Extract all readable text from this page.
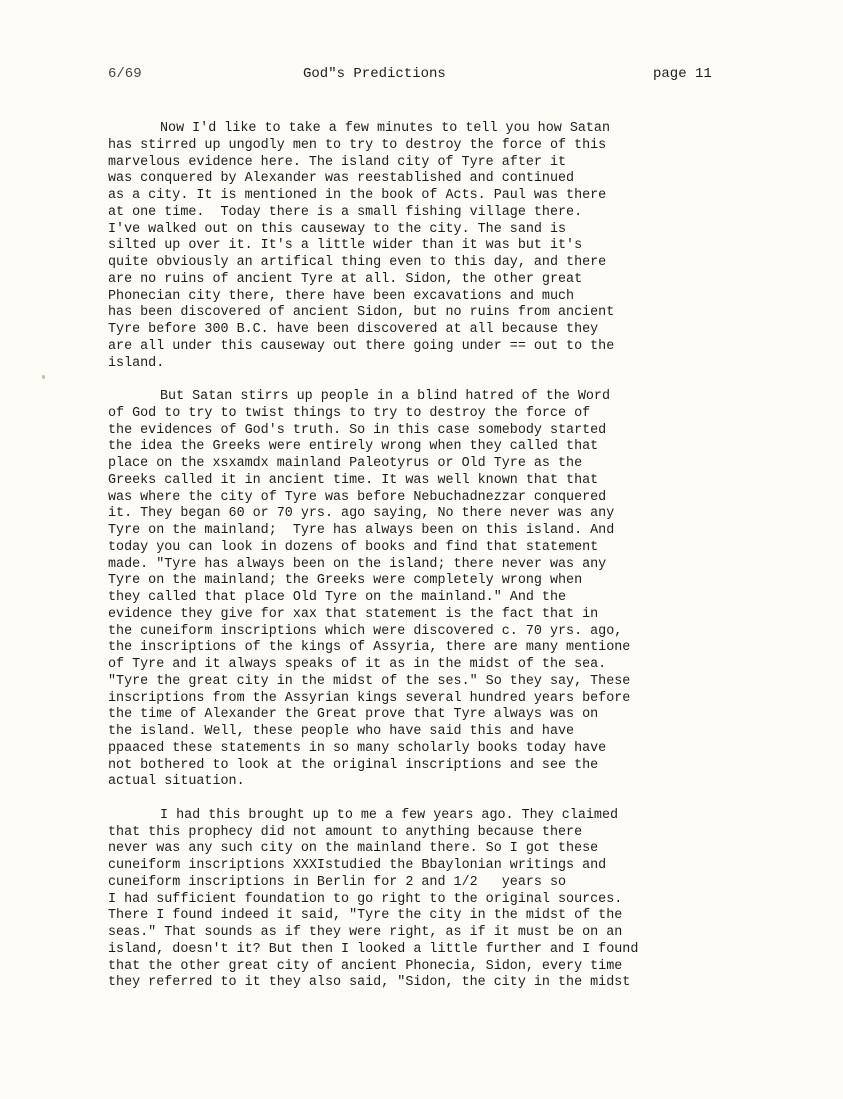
6/69	God"s Predictions	page 11
Now I'd like to take a few minutes to tell you how Satan
has stirred up ungodly men to try to destroy the force of this
marvelous evidence here. The island city of Tyre after it
was conquered by Alexander was reestablished and continued
as a city. It is mentioned in the book of Acts. Paul was there
at one time.  Today there is a small fishing village there.
I've walked out on this causeway to the city. The sand is
silted up over it. It's a little wider than it was but it's
quite obviously an artifical thing even to this day, and there
are no ruins of ancient Tyre at all. Sidon, the other great
Phonecian city there, there have been excavations and much
has been discovered of ancient Sidon, but no ruins from ancient
Tyre before 300 B.C. have been discovered at all because they
are all under this causeway out there going under == out to the
island.
But Satan stirrs up people in a blind hatred of the Word
of God to try to twist things to try to destroy the force of
the evidences of God's truth. So in this case somebody started
the idea the Greeks were entirely wrong when they called that
place on the xsxamdx mainland Paleotyrus or Old Tyre as the
Greeks called it in ancient time. It was well known that that
was where the city of Tyre was before Nebuchadnezzar conquered
it. They began 60 or 70 yrs. ago saying, No there never was any
Tyre on the mainland;  Tyre has always been on this island. And
today you can look in dozens of books and find that statement
made. "Tyre has always been on the island; there never was any
Tyre on the mainland; the Greeks were completely wrong when
they called that place Old Tyre on the mainland." And the
evidence they give for xax that statement is the fact that in
the cuneiform inscriptions which were discovered c. 70 yrs. ago,
the inscriptions of the kings of Assyria, there are many mentione
of Tyre and it always speaks of it as in the midst of the sea.
"Tyre the great city in the midst of the ses." So they say, These
inscriptions from the Assyrian kings several hundred years before
the time of Alexander the Great prove that Tyre always was on
the island. Well, these people who have said this and have
ppaaced these statements in so many scholarly books today have
not bothered to look at the original inscriptions and see the
actual situation.
I had this brought up to me a few years ago. They claimed
that this prophecy did not amount to anything because there
never was any such city on the mainland there. So I got these
cuneiform inscriptions XXXIstudied the Bbaylonian writings and
cuneiform inscriptions in Berlin for 2 and 1/2   years so
I had sufficient foundation to go right to the original sources.
There I found indeed it said, "Tyre the city in the midst of the
seas." That sounds as if they were right, as if it must be on an
island, doesn't it? But then I looked a little further and I found
that the other great city of ancient Phonecia, Sidon, every time
they referred to it they also said, "Sidon, the city in the midst
